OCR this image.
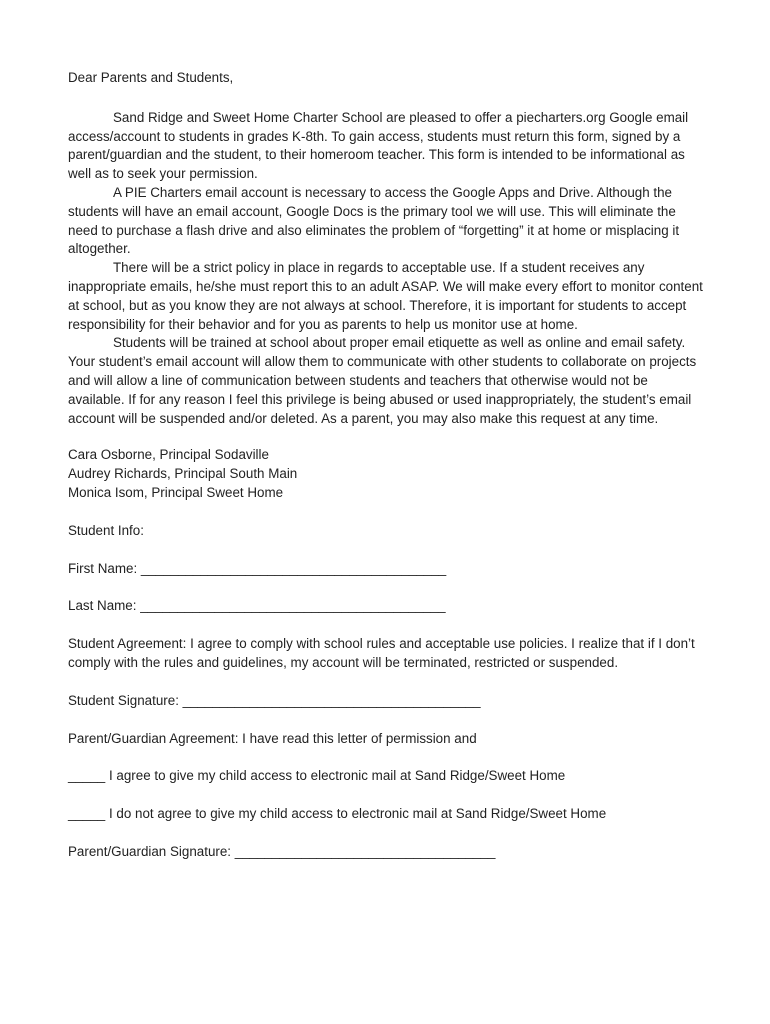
Dear Parents and Students,

Sand Ridge and Sweet Home Charter School are pleased to offer a piecharters.org Google email access/account to students in grades K-8th. To gain access, students must return this form, signed by a parent/guardian and the student, to their homeroom teacher. This form is intended to be informational as well as to seek your permission.

A PIE Charters email account is necessary to access the Google Apps and Drive. Although the students will have an email account, Google Docs is the primary tool we will use. This will eliminate the need to purchase a flash drive and also eliminates the problem of “forgetting” it at home or misplacing it altogether.

There will be a strict policy in place in regards to acceptable use. If a student receives any inappropriate emails, he/she must report this to an adult ASAP. We will make every effort to monitor content at school, but as you know they are not always at school. Therefore, it is important for students to accept responsibility for their behavior and for you as parents to help us monitor use at home.

Students will be trained at school about proper email etiquette as well as online and email safety. Your student’s email account will allow them to communicate with other students to collaborate on projects and will allow a line of communication between students and teachers that otherwise would not be available. If for any reason I feel this privilege is being abused or used inappropriately, the student’s email account will be suspended and/or deleted. As a parent, you may also make this request at any time.

Cara Osborne, Principal Sodaville
Audrey Richards, Principal South Main
Monica Isom, Principal Sweet Home

Student Info:

First Name: _________________________________________

Last Name: _________________________________________

Student Agreement: I agree to comply with school rules and acceptable use policies. I realize that if I don’t comply with the rules and guidelines, my account will be terminated, restricted or suspended.

Student Signature: ________________________________________

Parent/Guardian Agreement: I have read this letter of permission and

_____ I agree to give my child access to electronic mail at Sand Ridge/Sweet Home

_____ I do not agree to give my child access to electronic mail at Sand Ridge/Sweet Home

Parent/Guardian Signature: ___________________________________
